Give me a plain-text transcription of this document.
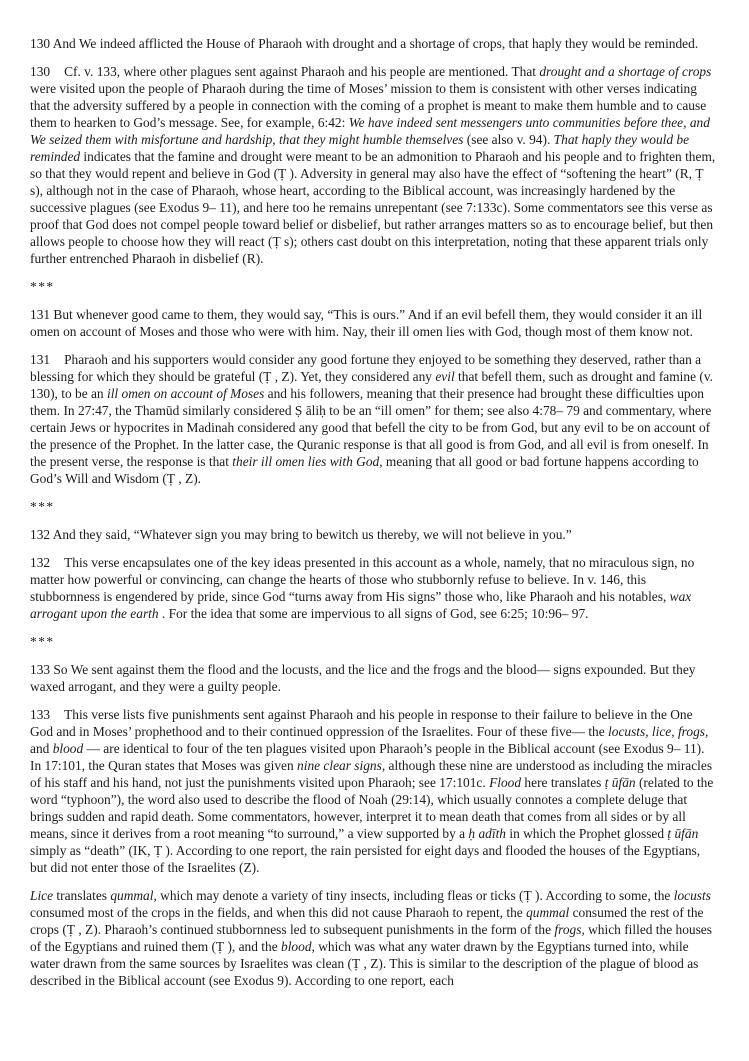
130 And We indeed afflicted the House of Pharaoh with drought and a shortage of crops, that haply they would be reminded.

130 Cf. v. 133, where other plagues sent against Pharaoh and his people are mentioned. That drought and a shortage of crops were visited upon the people of Pharaoh during the time of Moses’ mission to them is consistent with other verses indicating that the adversity suffered by a people in connection with the coming of a prophet is meant to make them humble and to cause them to hearken to God’s message. See, for example, 6:42: We have indeed sent messengers unto communities before thee, and We seized them with misfortune and hardship, that they might humble themselves (see also v. 94). That haply they would be reminded indicates that the famine and drought were meant to be an admonition to Pharaoh and his people and to frighten them, so that they would repent and believe in God (Ṭ ). Adversity in general may also have the effect of “softening the heart” (R, Ṭ s), although not in the case of Pharaoh, whose heart, according to the Biblical account, was increasingly hardened by the successive plagues (see Exodus 9– 11), and here too he remains unrepentant (see 7:133c). Some commentators see this verse as proof that God does not compel people toward belief or disbelief, but rather arranges matters so as to encourage belief, but then allows people to choose how they will react (Ṭ s); others cast doubt on this interpretation, noting that these apparent trials only further entrenched Pharaoh in disbelief (R).

***

131 But whenever good came to them, they would say, “This is ours.” And if an evil befell them, they would consider it an ill omen on account of Moses and those who were with him. Nay, their ill omen lies with God, though most of them know not.

131 Pharaoh and his supporters would consider any good fortune they enjoyed to be something they deserved, rather than a blessing for which they should be grateful (Ṭ , Z). Yet, they considered any evil that befell them, such as drought and famine (v. 130), to be an ill omen on account of Moses and his followers, meaning that their presence had brought these difficulties upon them. In 27:47, the Thamūd similarly considered Ṣ āliḥ to be an “ill omen” for them; see also 4:78– 79 and commentary, where certain Jews or hypocrites in Madinah considered any good that befell the city to be from God, but any evil to be on account of the presence of the Prophet. In the latter case, the Quranic response is that all good is from God, and all evil is from oneself. In the present verse, the response is that their ill omen lies with God, meaning that all good or bad fortune happens according to God’s Will and Wisdom (Ṭ , Z).

***

132 And they said, “Whatever sign you may bring to bewitch us thereby, we will not believe in you.”

132 This verse encapsulates one of the key ideas presented in this account as a whole, namely, that no miraculous sign, no matter how powerful or convincing, can change the hearts of those who stubbornly refuse to believe. In v. 146, this stubbornness is engendered by pride, since God “turns away from His signs” those who, like Pharaoh and his notables, wax arrogant upon the earth . For the idea that some are impervious to all signs of God, see 6:25; 10:96– 97.

***

133 So We sent against them the flood and the locusts, and the lice and the frogs and the blood— signs expounded. But they waxed arrogant, and they were a guilty people.

133 This verse lists five punishments sent against Pharaoh and his people in response to their failure to believe in the One God and in Moses’ prophethood and to their continued oppression of the Israelites. Four of these five— the locusts, lice, frogs, and blood — are identical to four of the ten plagues visited upon Pharaoh’s people in the Biblical account (see Exodus 9– 11). In 17:101, the Quran states that Moses was given nine clear signs, although these nine are understood as including the miracles of his staff and his hand, not just the punishments visited upon Pharaoh; see 17:101c. Flood here translates ṭ ūfān (related to the word “typhoon”), the word also used to describe the flood of Noah (29:14), which usually connotes a complete deluge that brings sudden and rapid death. Some commentators, however, interpret it to mean death that comes from all sides or by all means, since it derives from a root meaning “to surround,” a view supported by a ḥ adīth in which the Prophet glossed ṭ ūfān simply as “death” (IK, Ṭ ). According to one report, the rain persisted for eight days and flooded the houses of the Egyptians, but did not enter those of the Israelites (Z).

Lice translates qummal, which may denote a variety of tiny insects, including fleas or ticks (Ṭ ). According to some, the locusts consumed most of the crops in the fields, and when this did not cause Pharaoh to repent, the qummal consumed the rest of the crops (Ṭ , Z). Pharaoh’s continued stubbornness led to subsequent punishments in the form of the frogs, which filled the houses of the Egyptians and ruined them (Ṭ ), and the blood, which was what any water drawn by the Egyptians turned into, while water drawn from the same sources by Israelites was clean (Ṭ , Z). This is similar to the description of the plague of blood as described in the Biblical account (see Exodus 9). According to one report, each
